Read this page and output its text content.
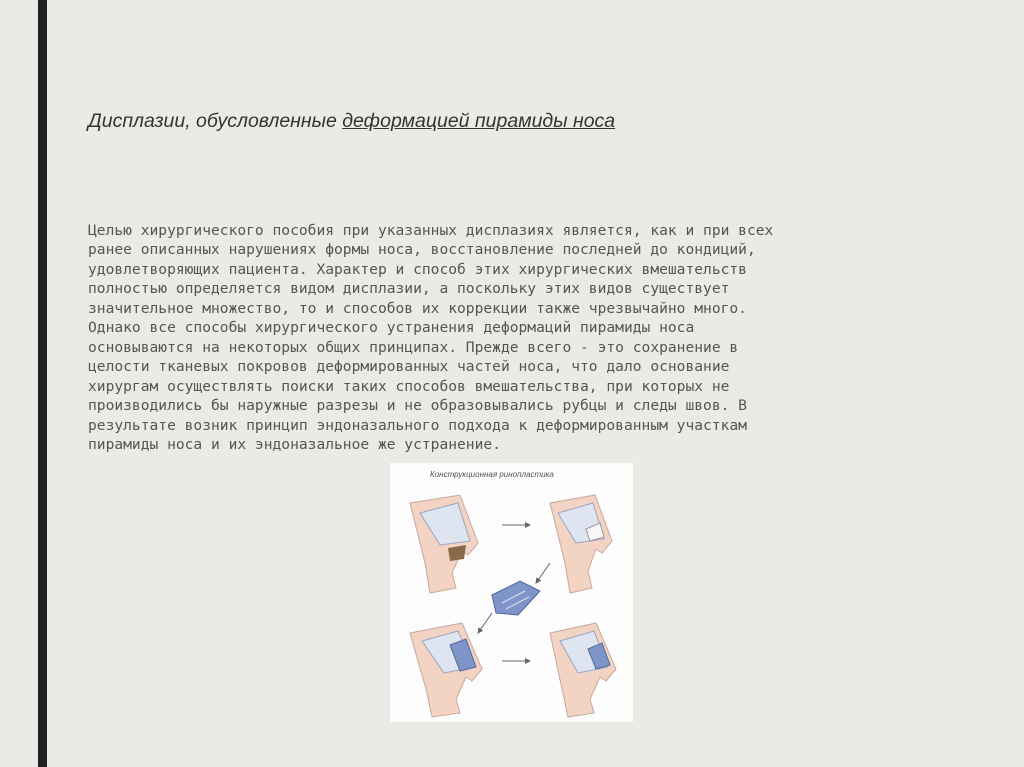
Дисплазии, обусловленные деформацией пирамиды носа

Целью хирургического пособия при указанных дисплазиях является, как и при всех
ранее описанных нарушениях формы носа, восстановление последней до кондиций,
удовлетворяющих пациента. Характер и способ этих хирургических вмешательств
полностью определяется видом дисплазии, а поскольку этих видов существует
значительное множество, то и способов их коррекции также чрезвычайно много.
Однако все способы хирургического устранения деформаций пирамиды носа
основываются на некоторых общих принципах. Прежде всего - это сохранение в
целости тканевых покровов деформированных частей носа, что дало основание
хирургам осуществлять поиски таких способов вмешательства, при которых не
производились бы наружные разрезы и не образовывались рубцы и следы швов. В
результате возник принцип эндоназального подхода к деформированным участкам
пирамиды носа и их эндоназальное же устранение.

Конструкционная ринопластика
